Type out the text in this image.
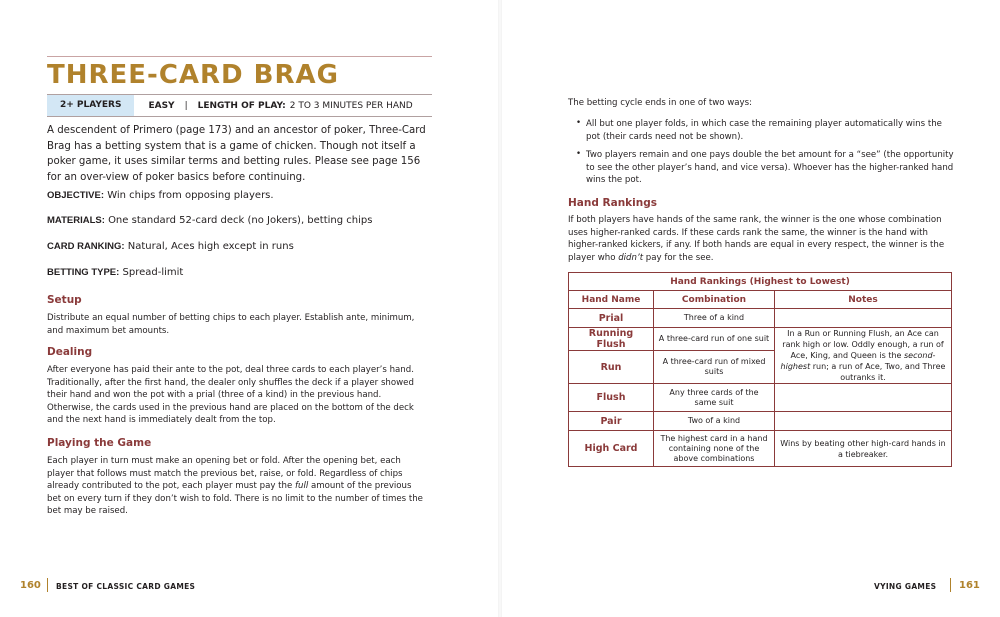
THREE-CARD BRAG
2+ PLAYERS	EASY | LENGTH OF PLAY: 2 TO 3 MINUTES PER HAND

A descendent of Primero (page 173) and an ancestor of poker, Three-Card Brag has a betting system that is a game of chicken. Though not itself a poker game, it uses similar terms and betting rules. Please see page 156 for an over-view of poker basics before continuing.

OBJECTIVE: Win chips from opposing players.

MATERIALS: One standard 52-card deck (no Jokers), betting chips

CARD RANKING: Natural, Aces high except in runs

BETTING TYPE: Spread-limit

Setup

Distribute an equal number of betting chips to each player. Establish ante, minimum, and maximum bet amounts.

Dealing

After everyone has paid their ante to the pot, deal three cards to each player’s hand. Traditionally, after the first hand, the dealer only shuffles the deck if a player showed their hand and won the pot with a prial (three of a kind) in the previous hand. Otherwise, the cards used in the previous hand are placed on the bottom of the deck and the next hand is immediately dealt from the top.

Playing the Game

Each player in turn must make an opening bet or fold. After the opening bet, each player that follows must match the previous bet, raise, or fold. Regardless of chips already contributed to the pot, each player must pay the full amount of the previous bet on every turn if they don’t wish to fold. There is no limit to the number of times the bet may be raised.

160 BEST OF CLASSIC CARD GAMES

The betting cycle ends in one of two ways:

• All but one player folds, in which case the remaining player automatically wins the pot (their cards need not be shown).

• Two players remain and one pays double the bet amount for a “see” (the opportunity to see the other player’s hand, and vice versa). Whoever has the higher-ranked hand wins the pot.

Hand Rankings

If both players have hands of the same rank, the winner is the one whose combination uses higher-ranked cards. If these cards rank the same, the winner is the hand with higher-ranked kickers, if any. If both hands are equal in every respect, the winner is the player who didn’t pay for the see.

Hand Rankings (Highest to Lowest)		
Hand Name	Combination	Notes
Prial	Three of a kind	
Running Flush	A three-card run of one suit	In a Run or Running Flush, an Ace can rank high or low. Oddly enough, a run of Ace, King, and Queen is the second-highest run; a run of Ace, Two, and Three outranks it.
Run	A three-card run of mixed suits	
Flush	Any three cards of the same suit	
Pair	Two of a kind	
High Card	The highest card in a hand containing none of the above combinations	Wins by beating other high-card hands in a tiebreaker.
VYING GAMES 161
